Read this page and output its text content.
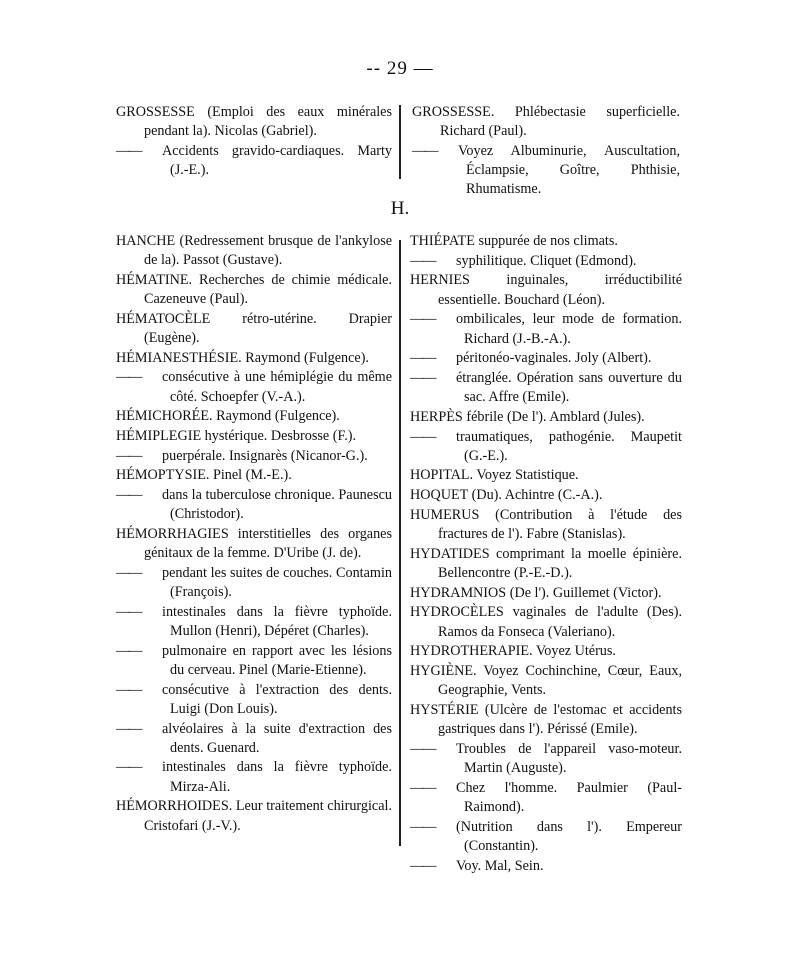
-- 29 —
GROSSESSE (Emploi des eaux minérales pendant la). Nicolas (Gabriel).
——Accidents gravido-cardiaques. Marty (J.-E.).
GROSSESSE. Phlébectasie superficielle. Richard (Paul).
——Voyez Albuminurie, Auscultation, Éclampsie, Goître, Phthisie, Rhumatisme.
H.
HANCHE (Redressement brusque de l'ankylose de la). Passot (Gustave).
HÉMATINE. Recherches de chimie médicale. Cazeneuve (Paul).
HÉMATOCÈLE rétro-utérine. Drapier (Eugène).
HÉMIANESTHÉSIE. Raymond (Fulgence).
——consécutive à une hémiplégie du même côté. Schoepfer (V.-A.).
HÉMICHORÉE. Raymond (Fulgence).
HÉMIPLEGIE hystérique. Desbrosse (F.).
——puerpérale. Insignarès (Nicanor-G.).
HÉMOPTYSIE. Pinel (M.-E.).
——dans la tuberculose chronique. Paunescu (Christodor).
HÉMORRHAGIES interstitielles des organes génitaux de la femme. D'Uribe (J. de).
——pendant les suites de couches. Contamin (François).
——intestinales dans la fièvre typhoïde. Mullon (Henri), Dépéret (Charles).
——pulmonaire en rapport avec les lésions du cerveau. Pinel (Marie-Etienne).
——consécutive à l'extraction des dents. Luigi (Don Louis).
——alvéolaires à la suite d'extraction des dents. Guenard.
——intestinales dans la fièvre typhoïde. Mirza-Ali.
HÉMORRHOIDES. Leur traitement chirurgical. Cristofari (J.-V.).
THIÉPATE suppurée de nos climats.
——syphilitique. Cliquet (Edmond).
HERNIES	inguinales, irréductibilité essentielle. Bouchard (Léon).
——ombilicales, leur mode de formation. Richard (J.-B.-A.).
——péritonéo-vaginales. Joly (Albert).
——étranglée. Opération sans ouverture du sac. Affre (Emile).
HERPÈS fébrile (De l'). Amblard (Jules).
——traumatiques, pathogénie. Maupetit (G.-E.).
HOPITAL. Voyez Statistique.
HOQUET (Du). Achintre (C.-A.).
HUMERUS (Contribution à l'étude des fractures de l'). Fabre (Stanislas).
HYDATIDES comprimant la moelle épinière. Bellencontre (P.-E.-D.).
HYDRAMNIOS (De l'). Guillemet (Victor).
HYDROCÈLES vaginales de l'adulte (Des). Ramos da Fonseca (Valeriano).
HYDROTHERAPIE. Voyez Utérus.
HYGIÈNE. Voyez Cochinchine, Cœur, Eaux, Geographie, Vents.
HYSTÉRIE (Ulcère de l'estomac et accidents gastriques dans l'). Périssé (Emile).
——Troubles de l'appareil vaso-moteur. Martin (Auguste).
——Chez l'homme. Paulmier (Paul-Raimond).
——(Nutrition dans l'). Empereur (Constantin).
——Voy. Mal, Sein.
